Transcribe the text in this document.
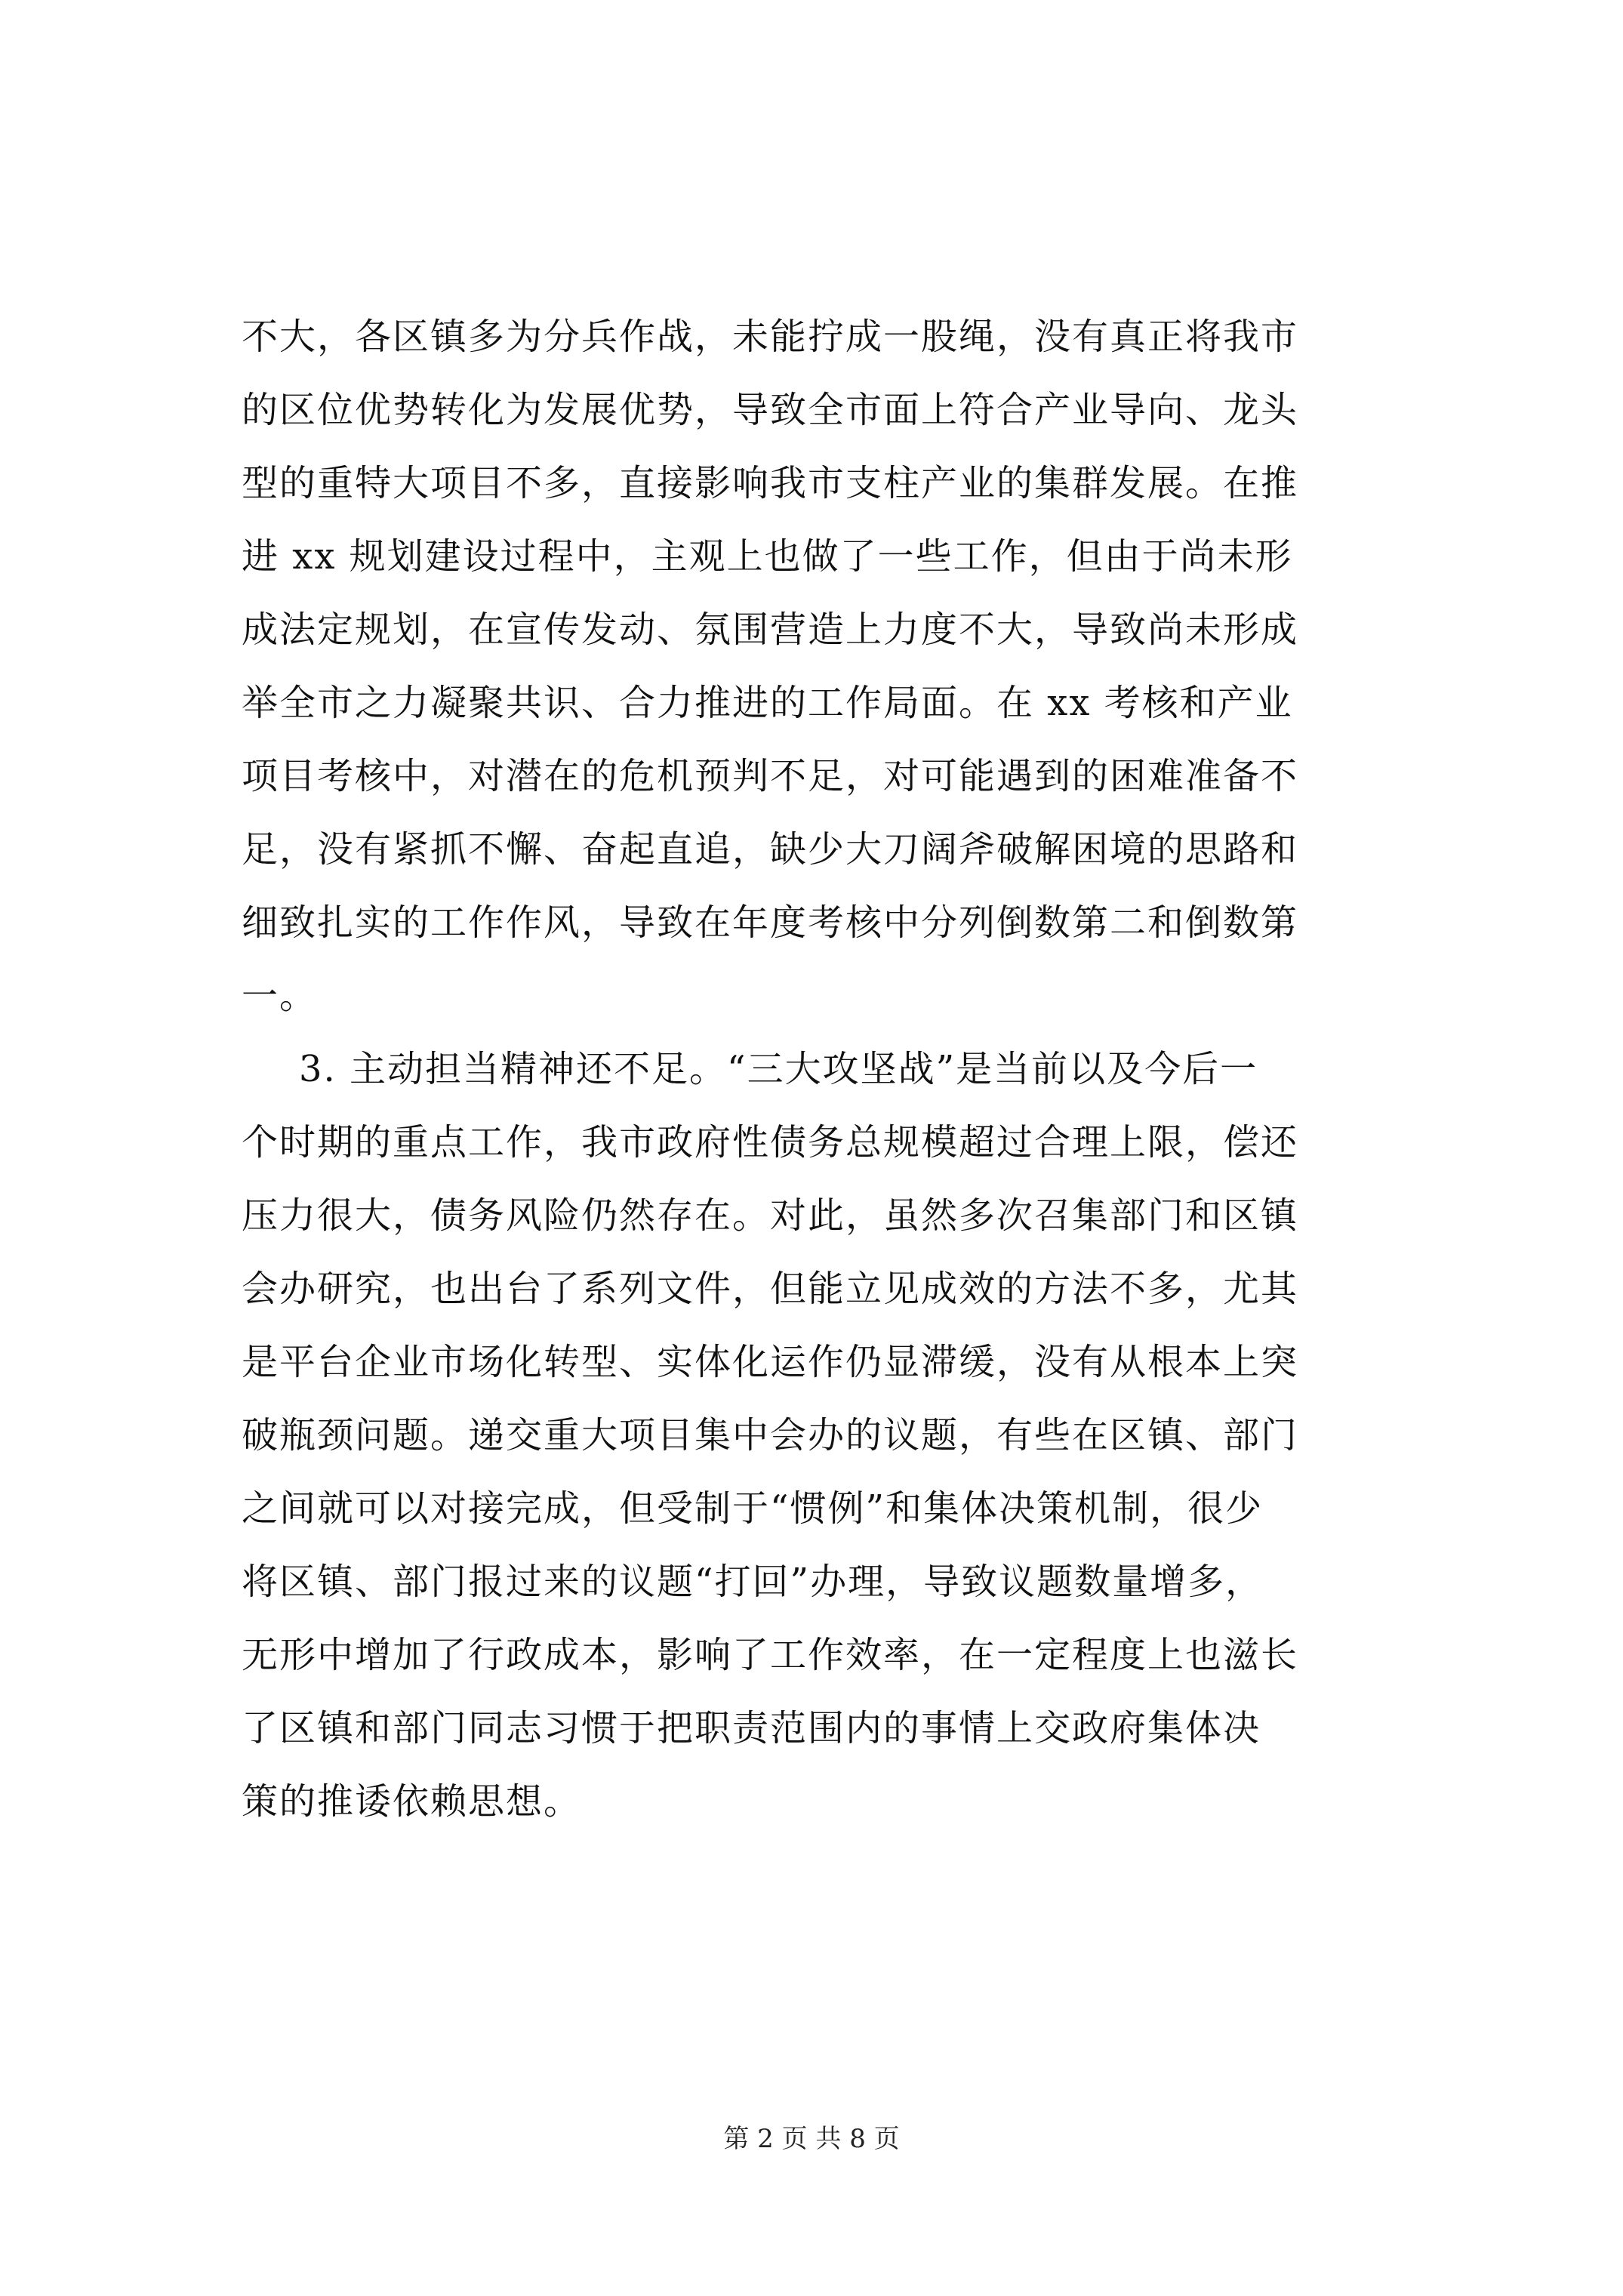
不大，各区镇多为分兵作战，未能拧成一股绳，没有真正将我市
的区位优势转化为发展优势，导致全市面上符合产业导向、龙头
型的重特大项目不多，直接影响我市支柱产业的集群发展。在推
进 xx 规划建设过程中，主观上也做了一些工作，但由于尚未形
成法定规划，在宣传发动、氛围营造上力度不大，导致尚未形成
举全市之力凝聚共识、合力推进的工作局面。在 xx 考核和产业
项目考核中，对潜在的危机预判不足，对可能遇到的困难准备不
足，没有紧抓不懈、奋起直追，缺少大刀阔斧破解困境的思路和
细致扎实的工作作风，导致在年度考核中分列倒数第二和倒数第
一。
3. 主动担当精神还不足。“三大攻坚战”是当前以及今后一
个时期的重点工作，我市政府性债务总规模超过合理上限，偿还
压力很大，债务风险仍然存在。对此，虽然多次召集部门和区镇
会办研究，也出台了系列文件，但能立见成效的方法不多，尤其
是平台企业市场化转型、实体化运作仍显滞缓，没有从根本上突
破瓶颈问题。递交重大项目集中会办的议题，有些在区镇、部门
之间就可以对接完成，但受制于“惯例”和集体决策机制，很少
将区镇、部门报过来的议题“打回”办理，导致议题数量增多，
无形中增加了行政成本，影响了工作效率，在一定程度上也滋长
了区镇和部门同志习惯于把职责范围内的事情上交政府集体决
策的推诿依赖思想。
第 2 页 共 8 页
